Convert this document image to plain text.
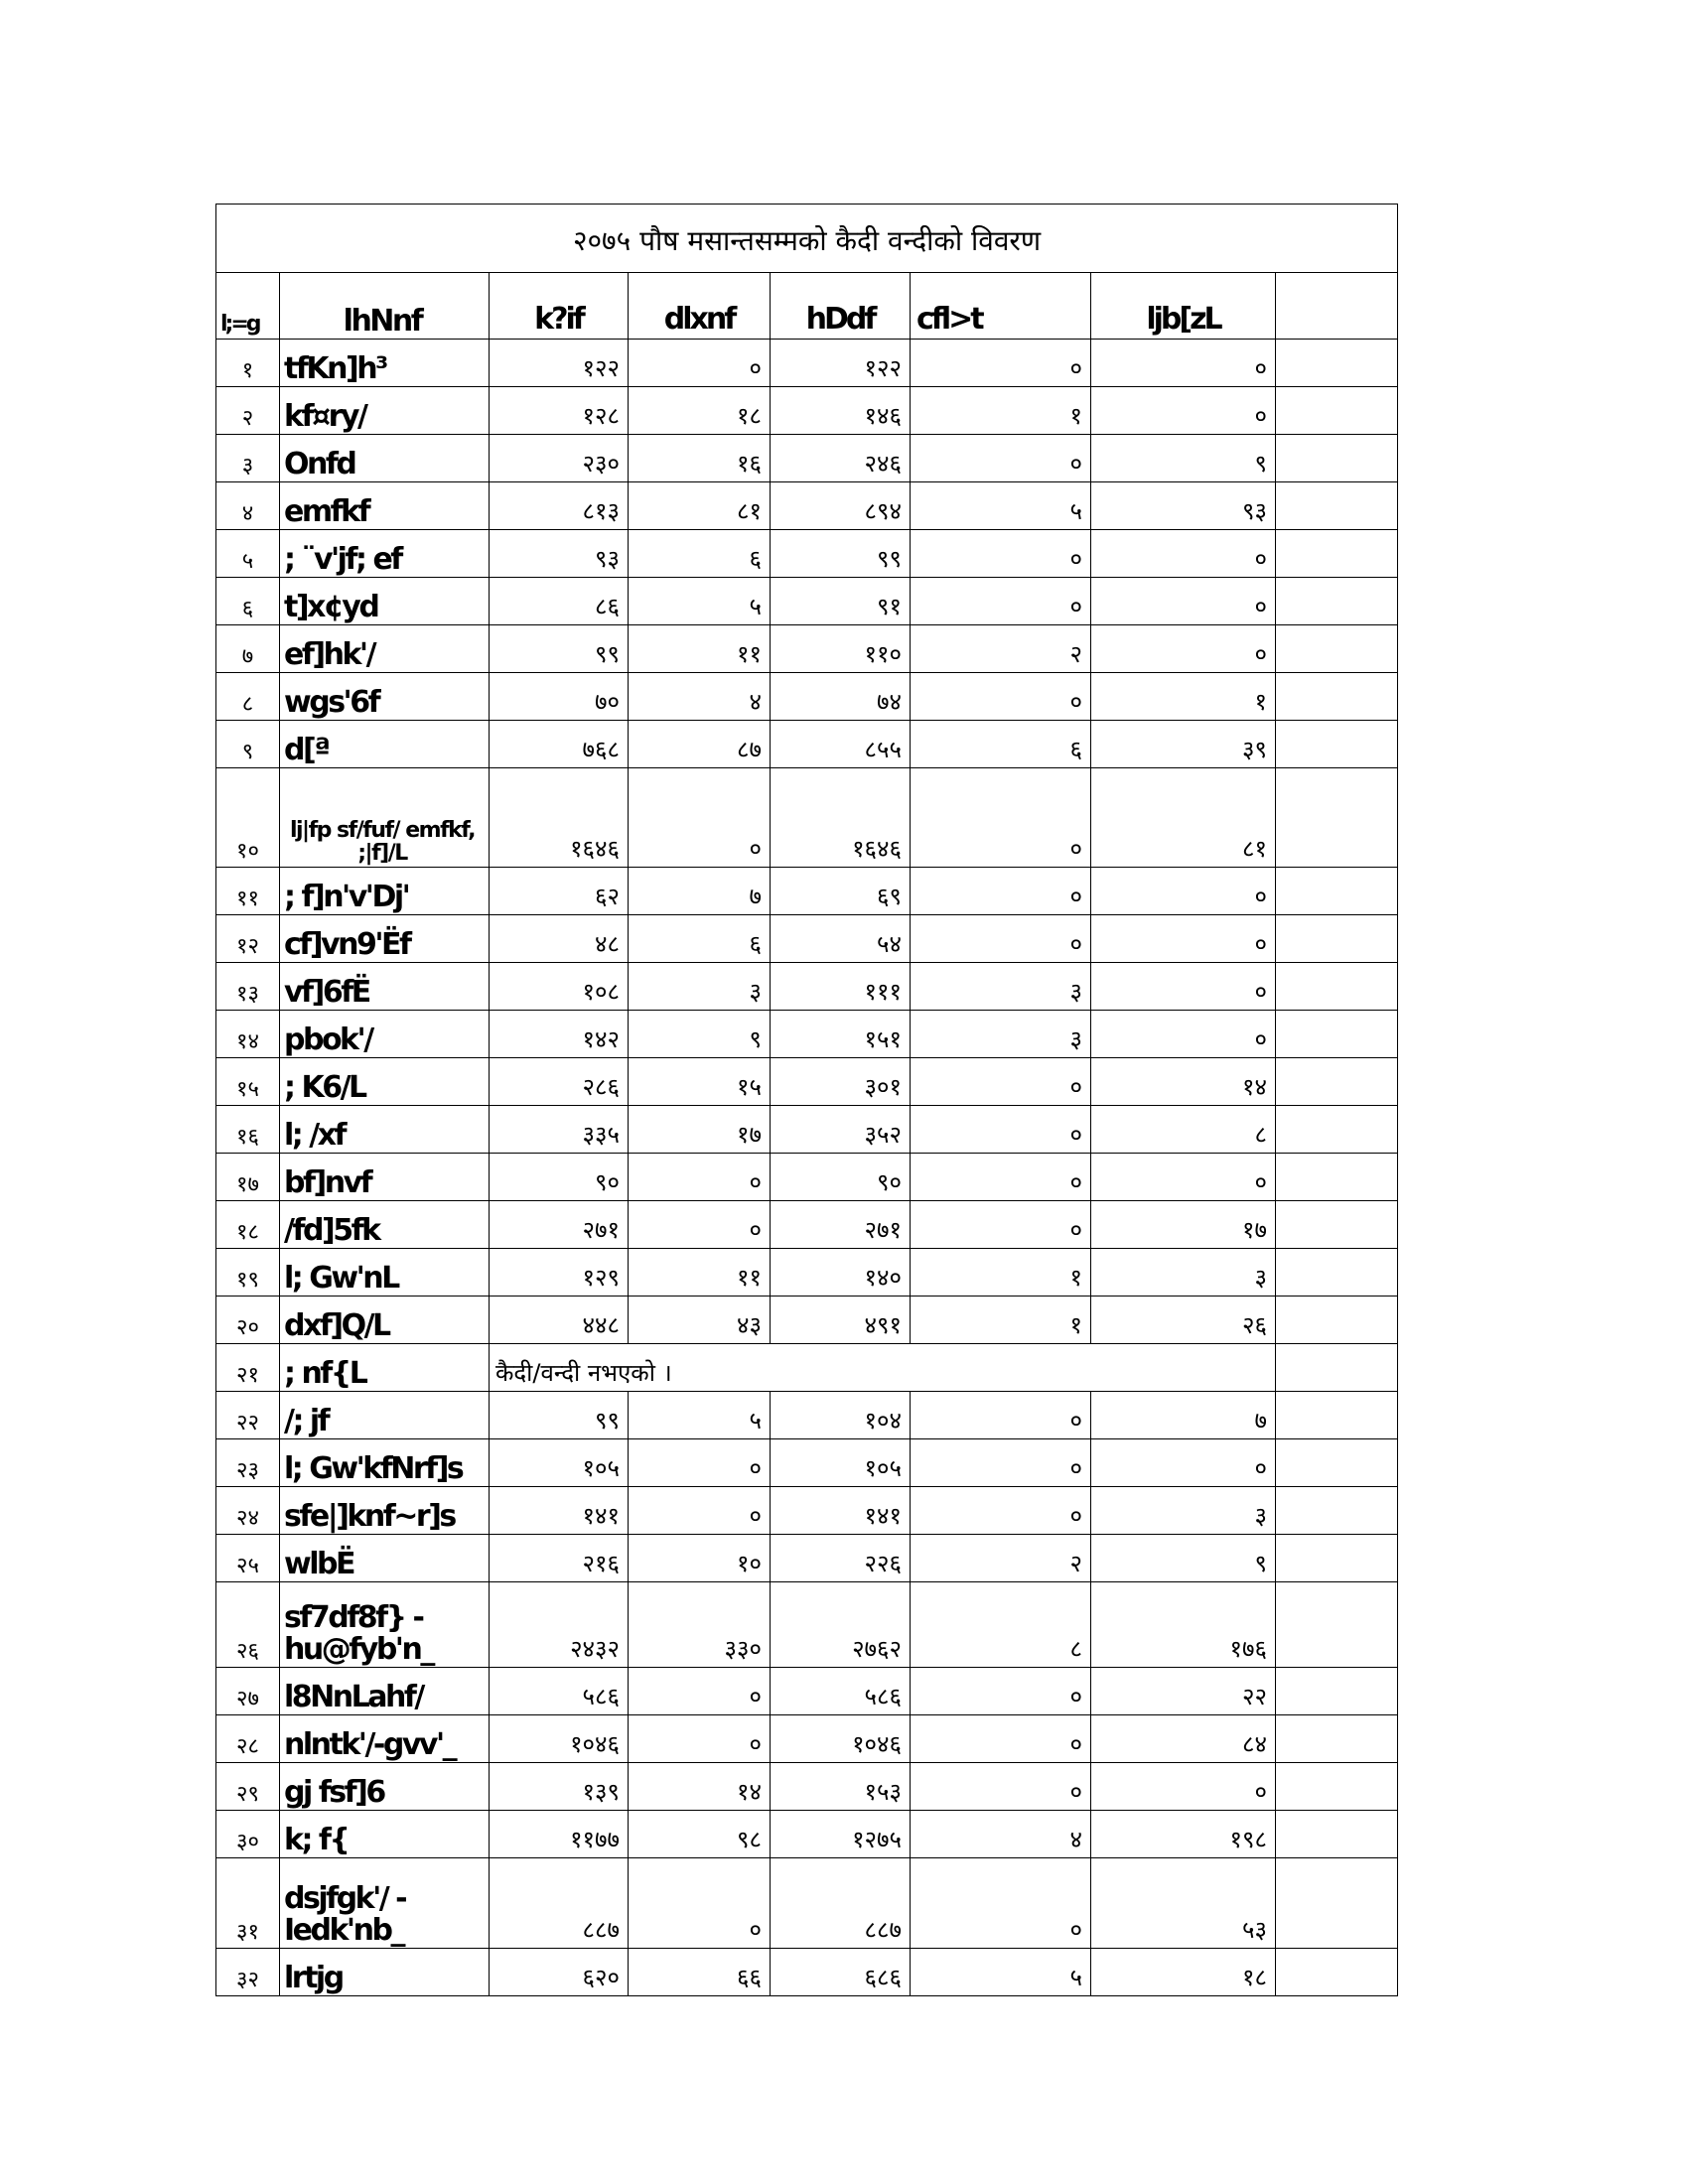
२०७५ पौष मसान्तसम्मको कैदी वन्दीको विवरण							
l;=g	lhNnf	k?if	dlxnf	hDdf	cfl>t	ljb[zL	
१	tfKn]h³	१२२	०	१२२	०	०	
२	kf¤ry/	१२८	१८	१४६	१	०	
३	Onfd	२३०	१६	२४६	०	९	
४	emfkf	८१३	८१	८९४	५	९३	
५	; ¨v'jf; ef	९३	६	९९	०	०	
६	t]x¢yd	८६	५	९१	०	०	
७	ef]hk'/	९९	११	११०	२	०	
८	wgs'6f	७०	४	७४	०	१	
९	d[ª	७६८	८७	८५५	६	३९	
१०	lj|fp sf/fuf/ emfkf, ;|f]/L	१६४६	०	१६४६	०	८१	
११	; f]n'v'Dj'	६२	७	६९	०	०	
१२	cf]vn9'Ëf	४८	६	५४	०	०	
१३	vf]6fË	१०८	३	१११	३	०	
१४	pbok'/	१४२	९	१५१	३	०	
१५	; K6/L	२८६	१५	३०१	०	१४	
१६	l; /xf	३३५	१७	३५२	०	८	
१७	bf]nvf	९०	०	९०	०	०	
१८	/fd]5fk	२७१	०	२७१	०	१७	
१९	l; Gw'nL	१२९	११	१४०	१	३	
२०	dxf]Q/L	४४८	४३	४९१	१	२६	
२१	; nf{L	कैदी/वन्दी नभएको ।					
२२	/; jf	९९	५	१०४	०	७	
२३	l; Gw'kfNrf]s	१०५	०	१०५	०	०	
२४	sfe|]knf~r]s	१४१	०	१४१	०	३	
२५	wlbË	२१६	१०	२२६	२	९	
२६	sf7df8f} -hu@fyb'n_	२४३२	३३०	२७६२	८	१७६	
२७	l8NnLahf/	५८६	०	५८६	०	२२	
२८	nlntk'/-gvv'_	१०४६	०	१०४६	०	८४	
२९	gj fsf]6	१३९	१४	१५३	०	०	
३०	k; f{	११७७	९८	१२७५	४	१९८	
३१	dsjfgk'/ -Iedk'nb_	८८७	०	८८७	०	५३	
३२	lrtjg	६२०	६६	६८६	५	१८	
